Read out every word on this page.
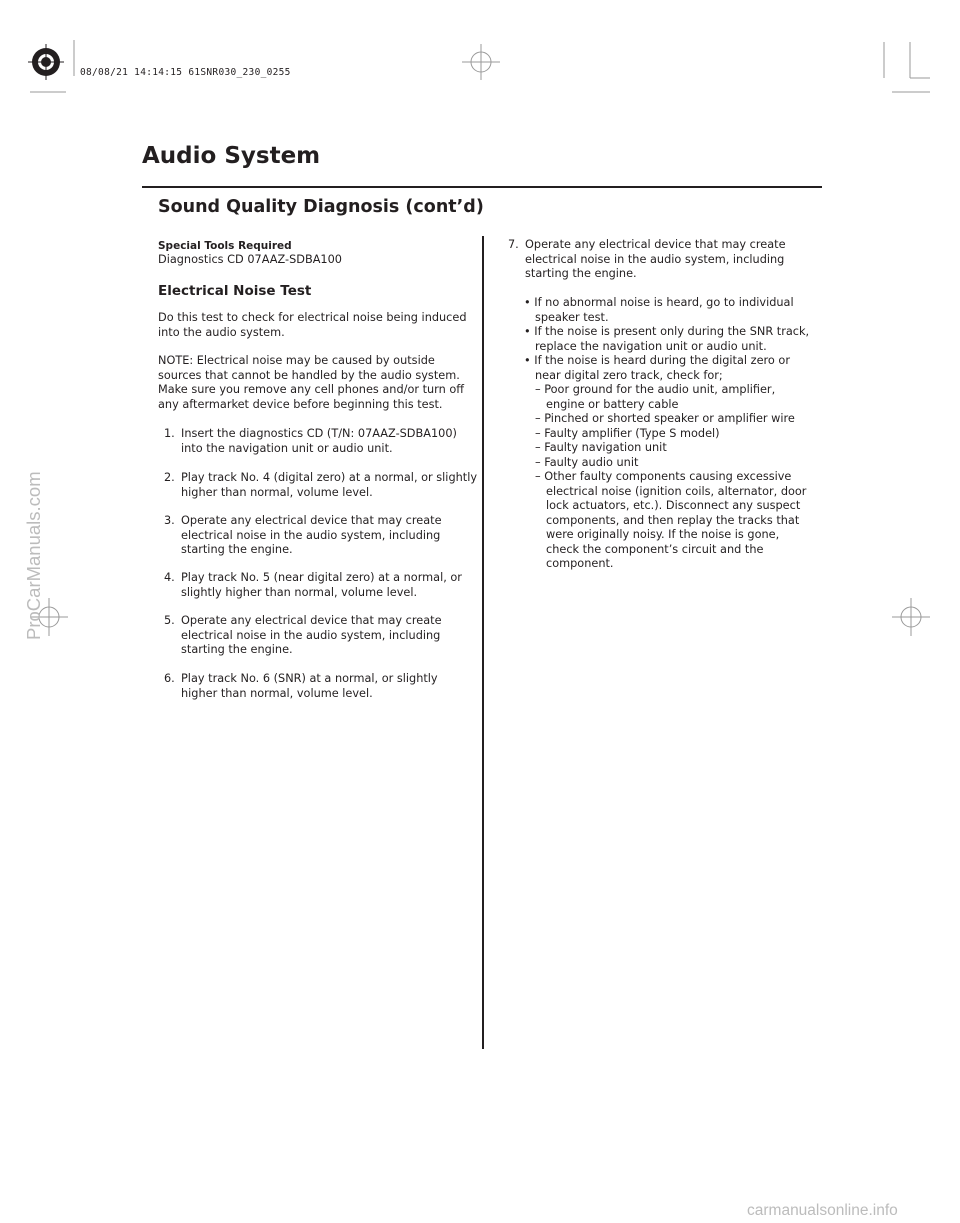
08/08/21 14:14:15 61SNR030_230_0255
Audio System
Sound Quality Diagnosis (cont’d)
Special Tools Required
Diagnostics CD 07AAZ-SDBA100
Electrical Noise Test
Do this test to check for electrical noise being induced
into the audio system.
NOTE: Electrical noise may be caused by outside
sources that cannot be handled by the audio system.
Make sure you remove any cell phones and/or turn off
any aftermarket device before beginning this test.
1. Insert the diagnostics CD (T/N: 07AAZ-SDBA100)
into the navigation unit or audio unit.
2. Play track No. 4 (digital zero) at a normal, or slightly
higher than normal, volume level.
3. Operate any electrical device that may create
electrical noise in the audio system, including
starting the engine.
4. Play track No. 5 (near digital zero) at a normal, or
slightly higher than normal, volume level.
5. Operate any electrical device that may create
electrical noise in the audio system, including
starting the engine.
6. Play track No. 6 (SNR) at a normal, or slightly
higher than normal, volume level.
7. Operate any electrical device that may create
electrical noise in the audio system, including
starting the engine.
• If no abnormal noise is heard, go to individual
speaker test.
• If the noise is present only during the SNR track,
replace the navigation unit or audio unit.
• If the noise is heard during the digital zero or
near digital zero track, check for;
– Poor ground for the audio unit, amplifier,
engine or battery cable
– Pinched or shorted speaker or amplifier wire
– Faulty amplifier (Type S model)
– Faulty navigation unit
– Faulty audio unit
– Other faulty components causing excessive
electrical noise (ignition coils, alternator, door
lock actuators, etc.). Disconnect any suspect
components, and then replay the tracks that
were originally noisy. If the noise is gone,
check the component’s circuit and the
component.
ProCarManuals.com
carmanualsonline.info
